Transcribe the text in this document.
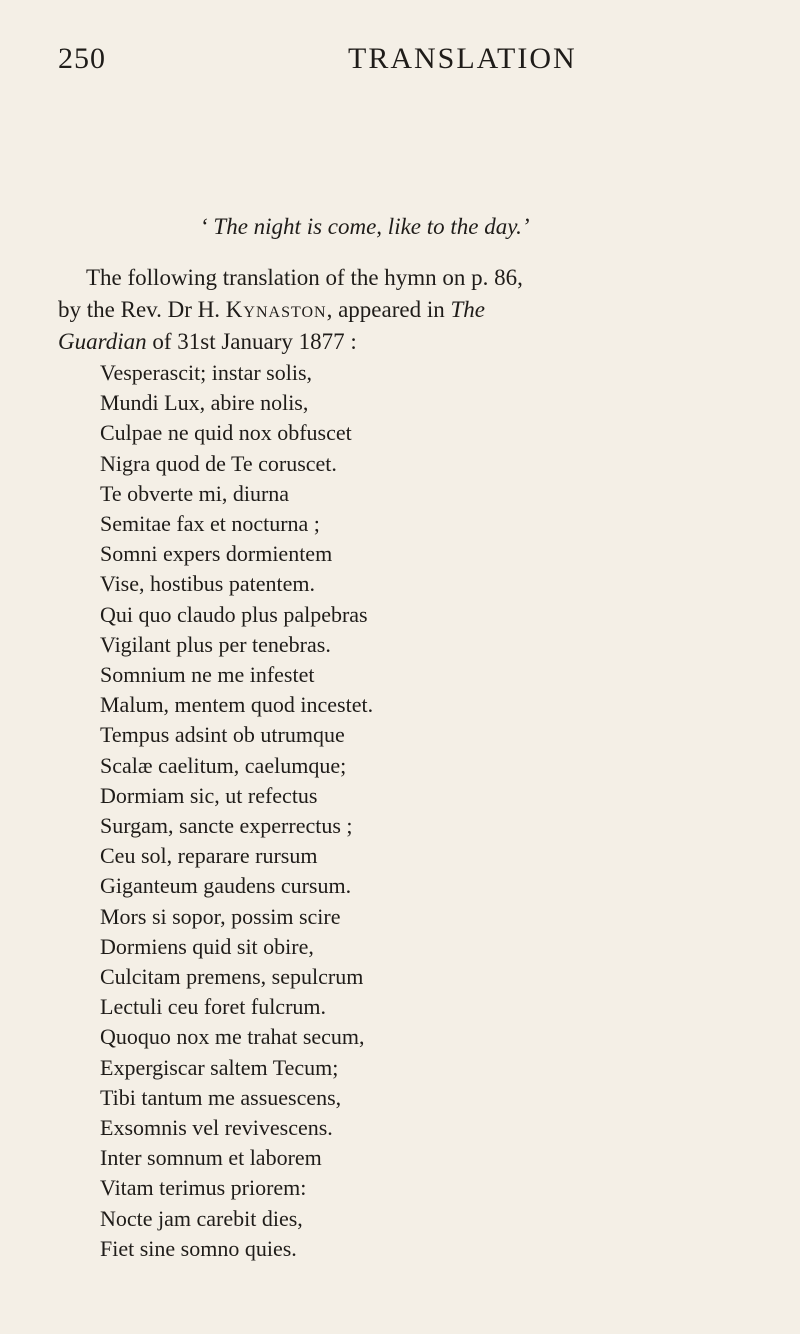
250	TRANSLATION
‘ The night is come, like to the day.’
The following translation of the hymn on p. 86,
by the Rev. Dr H. Kynaston, appeared in The
Guardian of 31st January 1877 :
Vesperascit; instar solis,
Mundi Lux, abire nolis,
Culpae ne quid nox obfuscet
Nigra quod de Te coruscet.
Te obverte mi, diurna
Semitae fax et nocturna ;
Somni expers dormientem
Vise, hostibus patentem.
Qui quo claudo plus palpebras
Vigilant plus per tenebras.
Somnium ne me infestet
Malum, mentem quod incestet.
Tempus adsint ob utrumque
Scalæ caelitum, caelumque;
Dormiam sic, ut refectus
Surgam, sancte experrectus ;
Ceu sol, reparare rursum
Giganteum gaudens cursum.
Mors si sopor, possim scire
Dormiens quid sit obire,
Culcitam premens, sepulcrum
Lectuli ceu foret fulcrum.
Quoquo nox me trahat secum,
Expergiscar saltem Tecum;
Tibi tantum me assuescens,
Exsomnis vel revivescens.
Inter somnum et laborem
Vitam terimus priorem:
Nocte jam carebit dies,
Fiet sine somno quies.
